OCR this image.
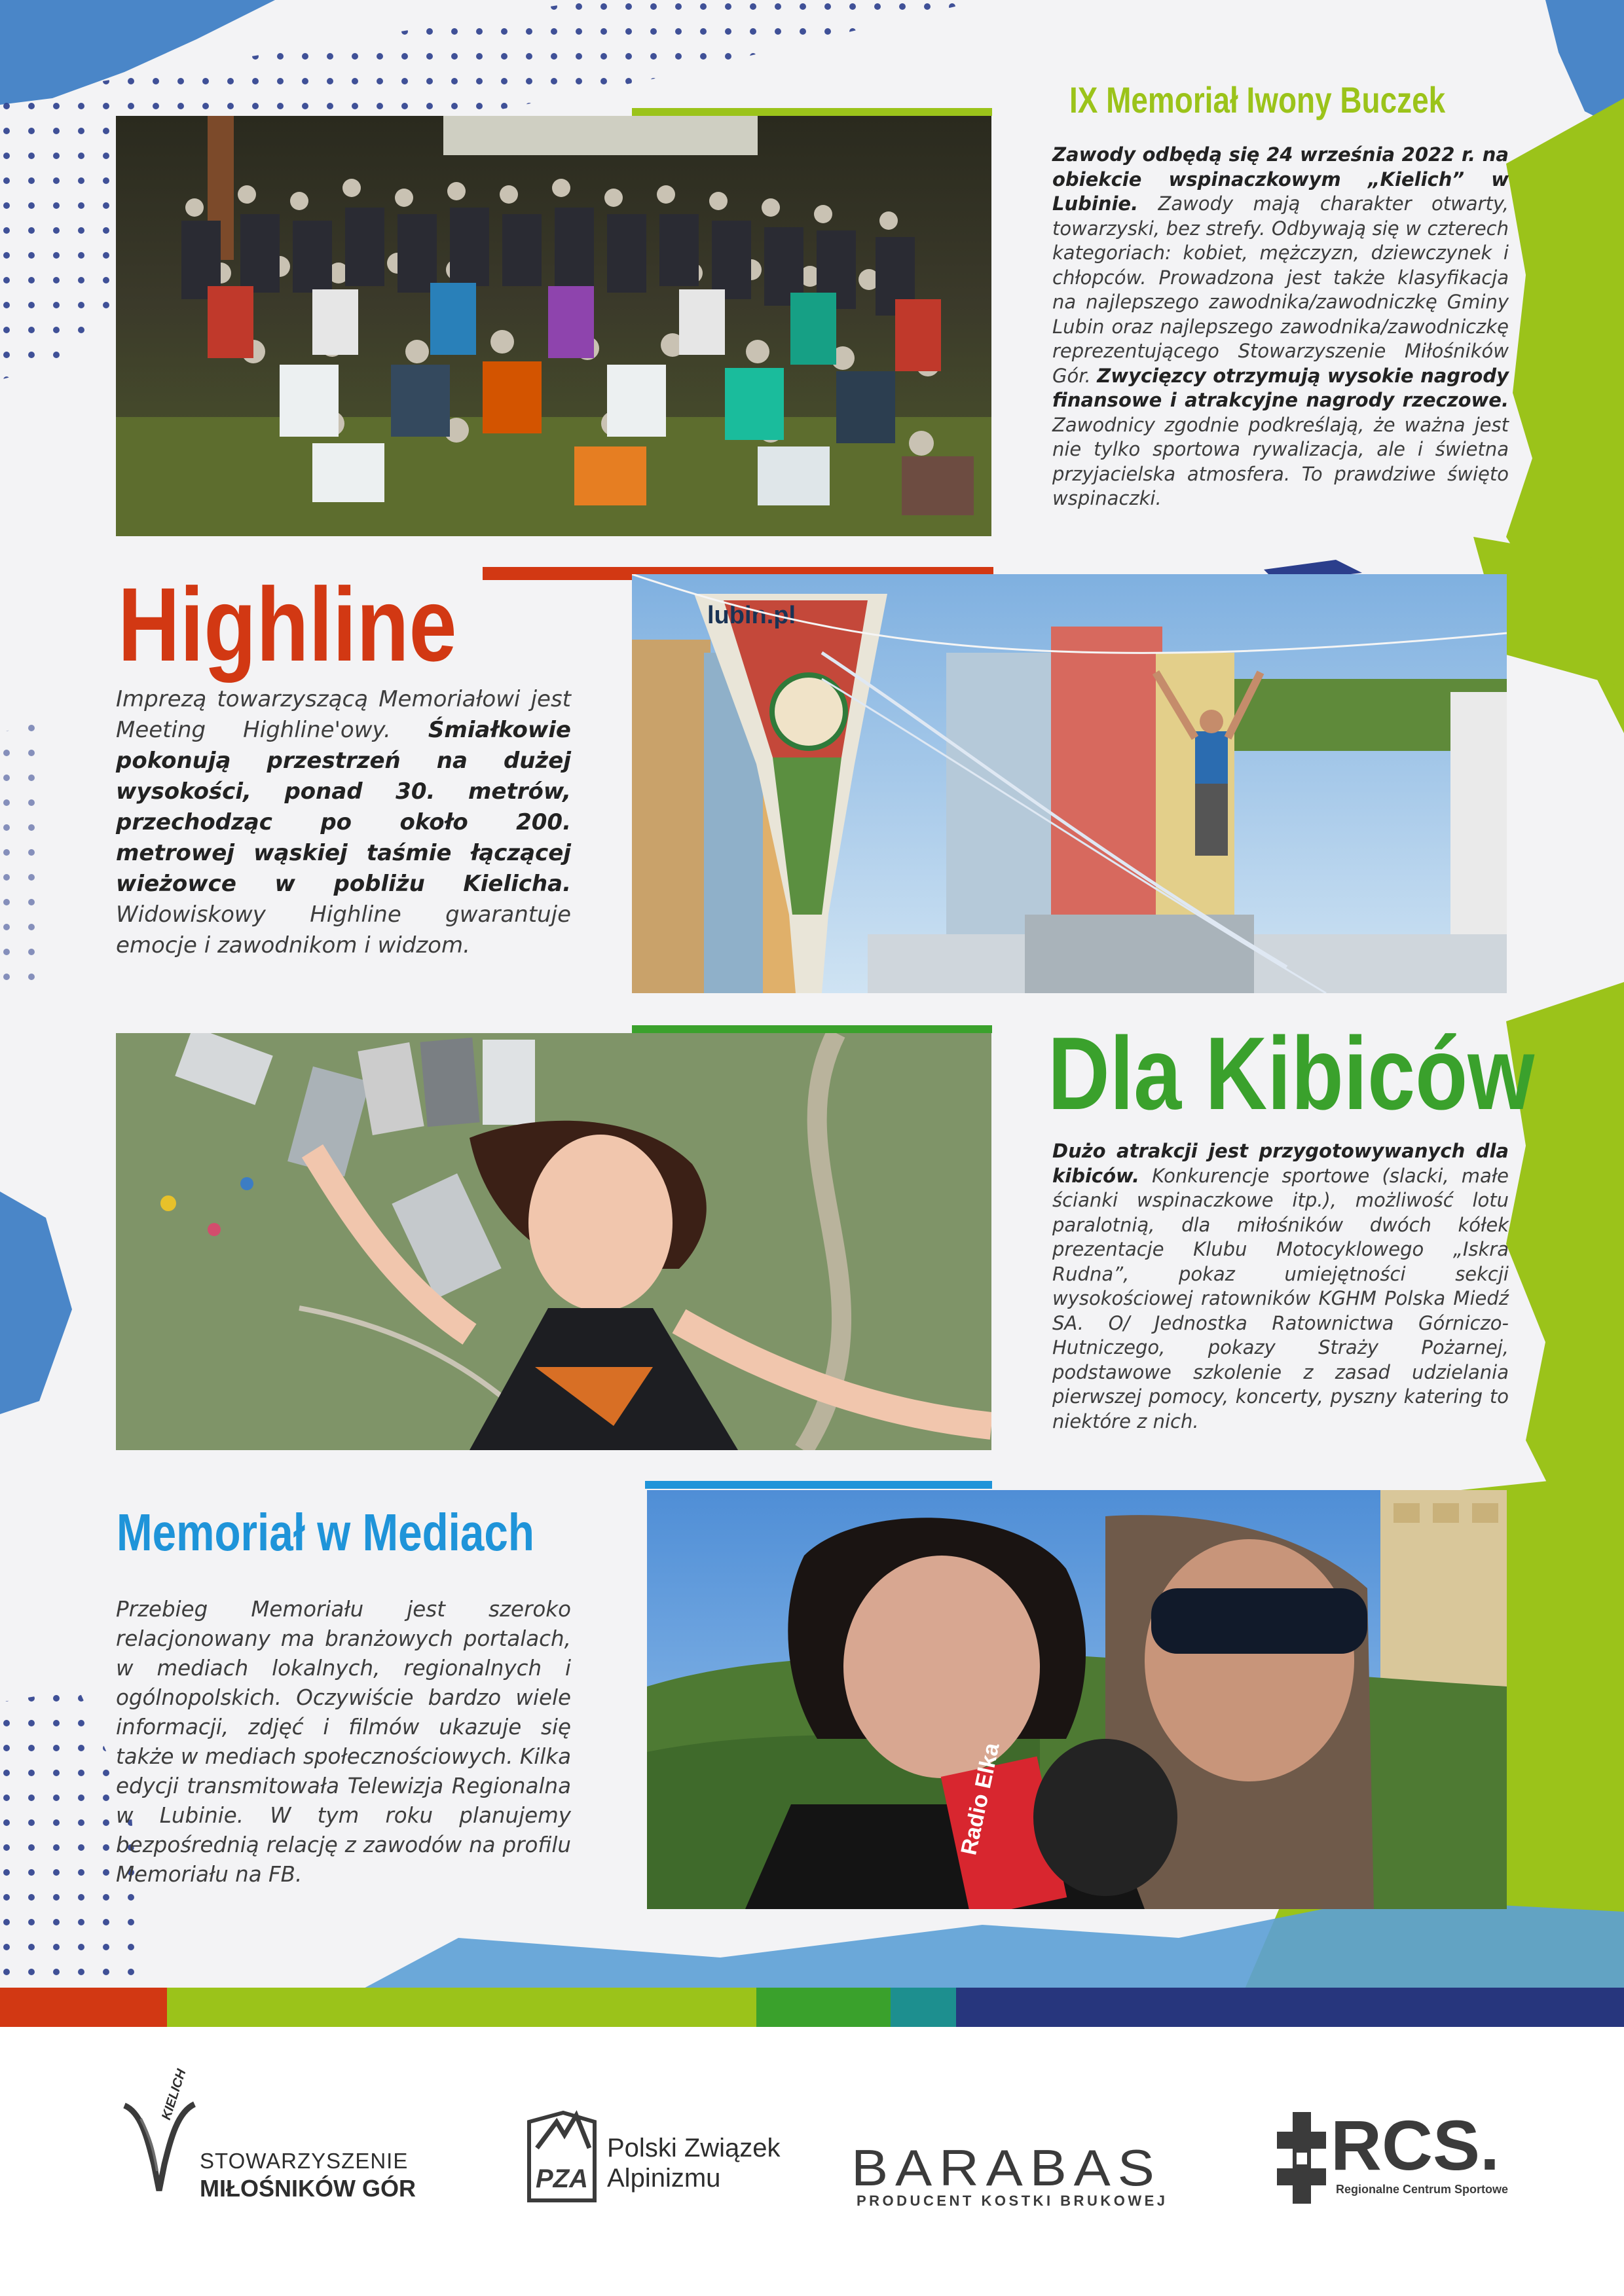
IX Memoriał Iwony Buczek

Zawody odbędą się 24 września 2022 r. na obiekcie wspinaczkowym „Kielich” w Lubinie. Zawody mają charakter otwarty, towarzyski, bez strefy. Odbywają się w czterech kategoriach: kobiet, mężczyzn, dziewczynek i chłopców. Prowadzona jest także klasyfikacja na najlepszego zawodnika/zawodniczkę Gminy Lubin oraz najlepszego zawodnika/zawodniczkę reprezentującego Stowarzyszenie Miłośników Gór. Zwycięzcy otrzymują wysokie nagrody finansowe i atrakcyjne nagrody rzeczowe. Zawodnicy zgodnie podkreślają, że ważna jest nie tylko sportowa rywalizacja, ale i świetna przyjacielska atmosfera. To prawdziwe święto wspinaczki.

Highline

Imprezą towarzyszącą Memoriałowi jest Meeting Highline'owy. Śmiałkowie pokonują przestrzeń na dużej wysokości, ponad 30. metrów, przechodząc po około 200. metrowej wąskiej taśmie łączącej wieżowce w pobliżu Kielicha. Widowiskowy Highline gwarantuje emocje i zawodnikom i widzom.

lubin.pl
Dla Kibiców

Dużo atrakcji jest przygotowywanych dla kibiców. Konkurencje sportowe (slacki, małe ścianki wspinaczkowe itp.), możliwość lotu paralotnią, dla miłośników dwóch kółek prezentacje Klubu Motocyklowego „Iskra Rudna”, pokaz umiejętności sekcji wysokościowej ratowników KGHM Polska Miedź SA. O/ Jednostka Ratownictwa Górniczo-Hutniczego, pokazy Straży Pożarnej, podstawowe szkolenie z zasad udzielania pierwszej pomocy, koncerty, pyszny katering to niektóre z nich.

Memoriał w Mediach

Przebieg Memoriału jest szeroko relacjonowany ma branżowych portalach, w mediach lokalnych, regionalnych i ogólnopolskich. Oczywiście bardzo wiele informacji, zdjęć i filmów ukazuje się także w mediach społecznościowych. Kilka edycji transmitowała Telewizja Regionalna w Lubinie. W tym roku planujemy bezpośrednią relację z zawodów na profilu Memoriału na FB.

Radio Elka
KIELICH
STOWARZYSZENIE
MIŁOŚNIKÓW GÓR	PZA
Polski Związek
Alpinizmu	BARABAS
PRODUCENT KOSTKI BRUKOWEJ
RCS.
Regionalne Centrum Sportowe
